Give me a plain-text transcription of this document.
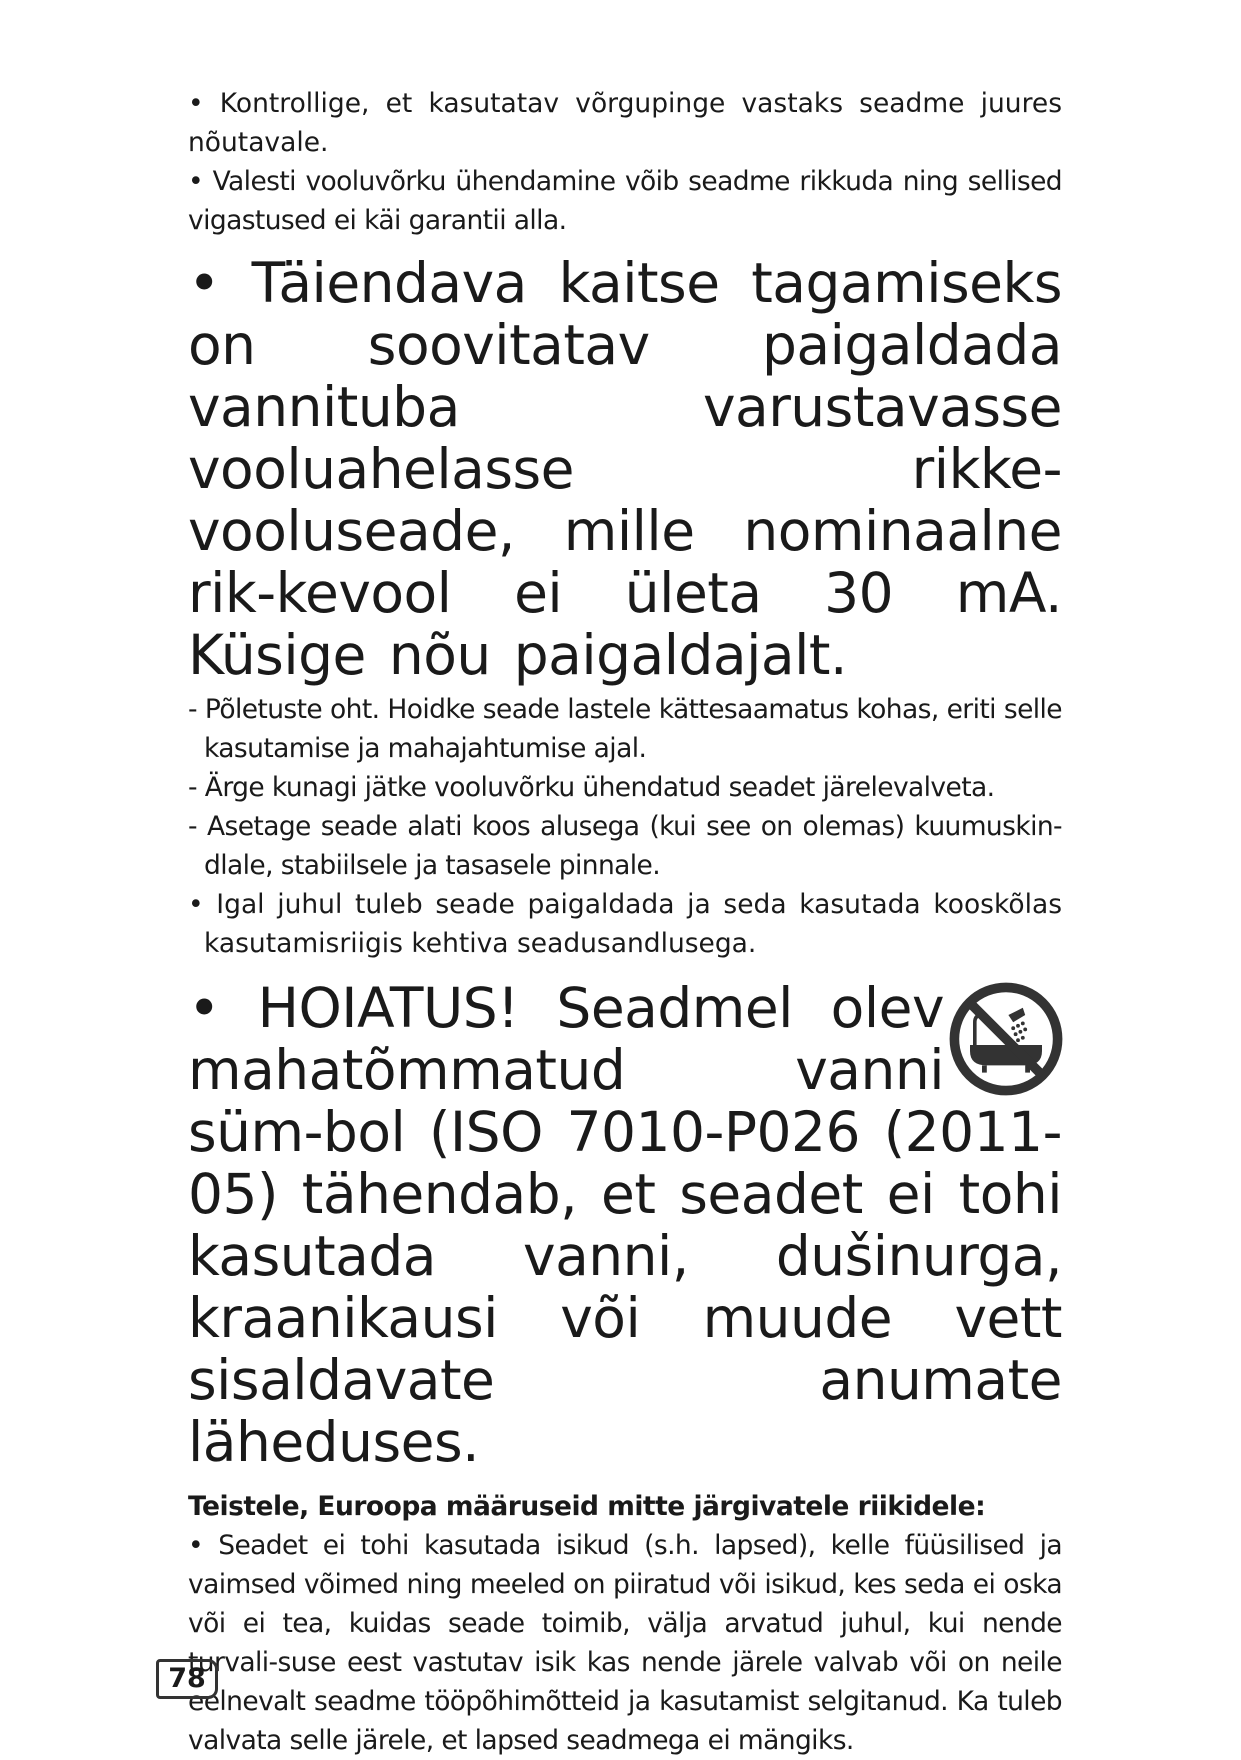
• Kontrollige, et kasutatav võrgupinge vastaks seadme juures nõutavale.

• Valesti vooluvõrku ühendamine võib seadme rikkuda ning sellised vigastused ei käi garantii alla.

• Täiendava kaitse tagamiseks on soovitatav paigaldada vannituba varustavasse vooluahelasse rikke-vooluseade, mille nominaalne rik-kevool ei ületa 30 mA. Küsige nõu paigaldajalt.

- Põletuste oht. Hoidke seade lastele kättesaamatus kohas, eriti selle kasutamise ja mahajahtumise ajal.

- Ärge kunagi jätke vooluvõrku ühendatud seadet järelevalveta.

- Asetage seade alati koos alusega (kui see on olemas) kuumuskin-dlale, stabiilsele ja tasasele pinnale.

• Igal juhul tuleb seade paigaldada ja seda kasutada kooskõlas kasutamisriigis kehtiva seadusandlusega.

• HOIATUS! Seadmel olev mahatõmmatud vanni süm-bol (ISO 7010-P026 (2011-05) tähendab, et seadet ei tohi kasutada vanni, dušinurga, kraanikausi või muude vett sisaldavate anumate läheduses.

Teistele, Euroopa määruseid mitte järgivatele riikidele:

• Seadet ei tohi kasutada isikud (s.h. lapsed), kelle füüsilised ja vaimsed võimed ning meeled on piiratud või isikud, kes seda ei oska või ei tea, kuidas seade toimib, välja arvatud juhul, kui nende turvali-suse eest vastutav isik kas nende järele valvab või on neile eelnevalt seadme tööpõhimõtteid ja kasutamist selgitanud. Ka tuleb valvata selle järele, et lapsed seadmega ei mängiks.

78
